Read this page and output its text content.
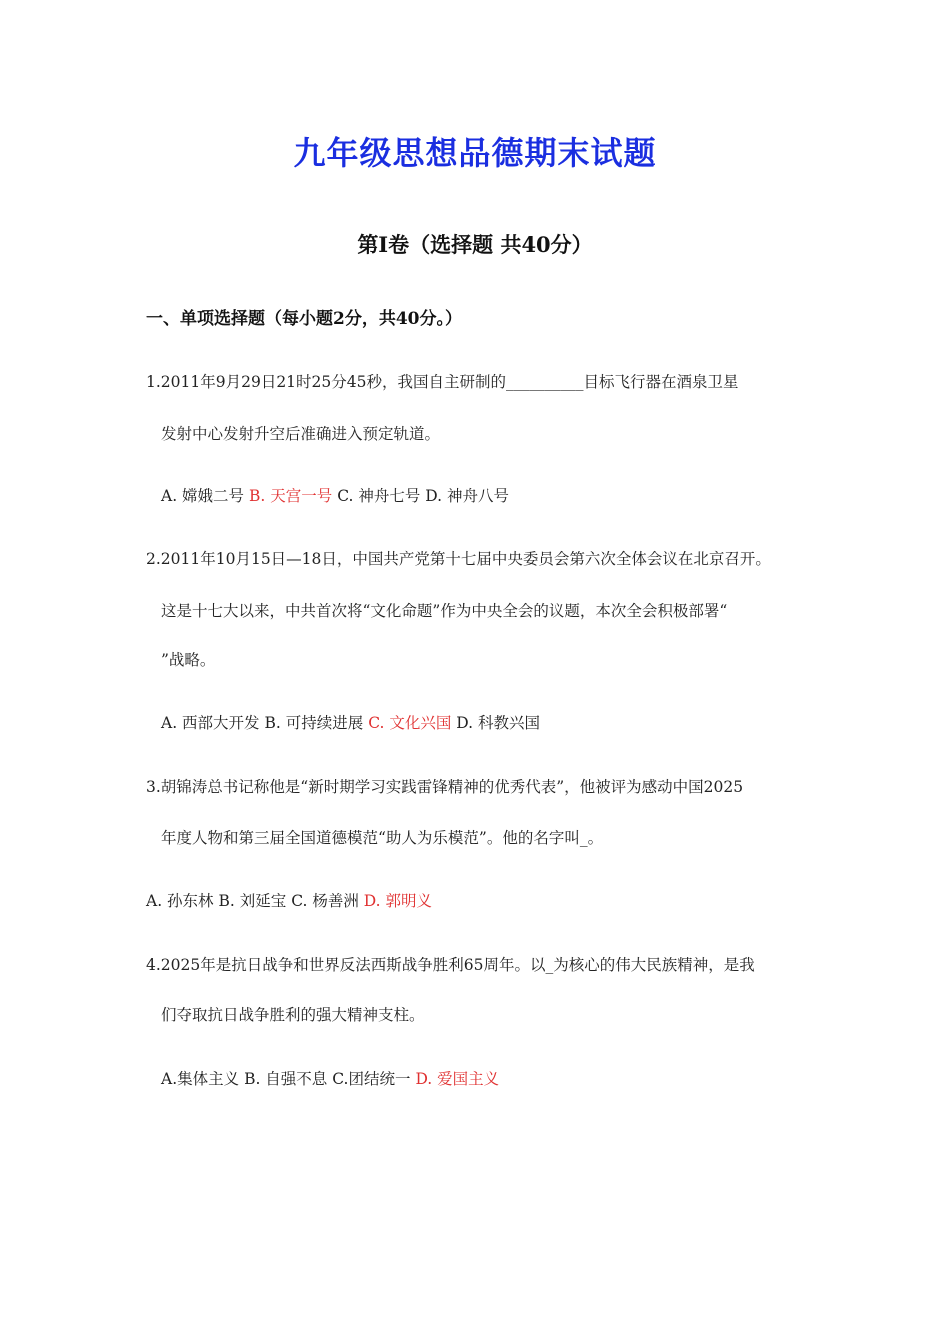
九年级思想品德期末试题
第Ⅰ卷（选择题 共40分）
一、单项选择题（每小题2分，共40分。）
1.2011年9月29日21时25分45秒，我国自主研制的__________目标飞行器在酒泉卫星
发射中心发射升空后准确进入预定轨道。
A. 嫦娥二号 B. 天宫一号 C. 神舟七号 D. 神舟八号
2.2011年10月15日—18日，中国共产党第十七届中央委员会第六次全体会议在北京召开。
这是十七大以来，中共首次将“文化命题”作为中央全会的议题，本次全会积极部署“
”战略。
A. 西部大开发 B. 可持续进展 C. 文化兴国 D. 科教兴国
3.胡锦涛总书记称他是“新时期学习实践雷锋精神的优秀代表”，他被评为感动中国2025
年度人物和第三届全国道德模范“助人为乐模范”。他的名字叫_。
A. 孙东林 B. 刘延宝 C. 杨善洲 D. 郭明义
4.2025年是抗日战争和世界反法西斯战争胜利65周年。以_为核心的伟大民族精神，是我
们夺取抗日战争胜利的强大精神支柱。
A.集体主义 B. 自强不息 C.团结统一 D. 爱国主义
